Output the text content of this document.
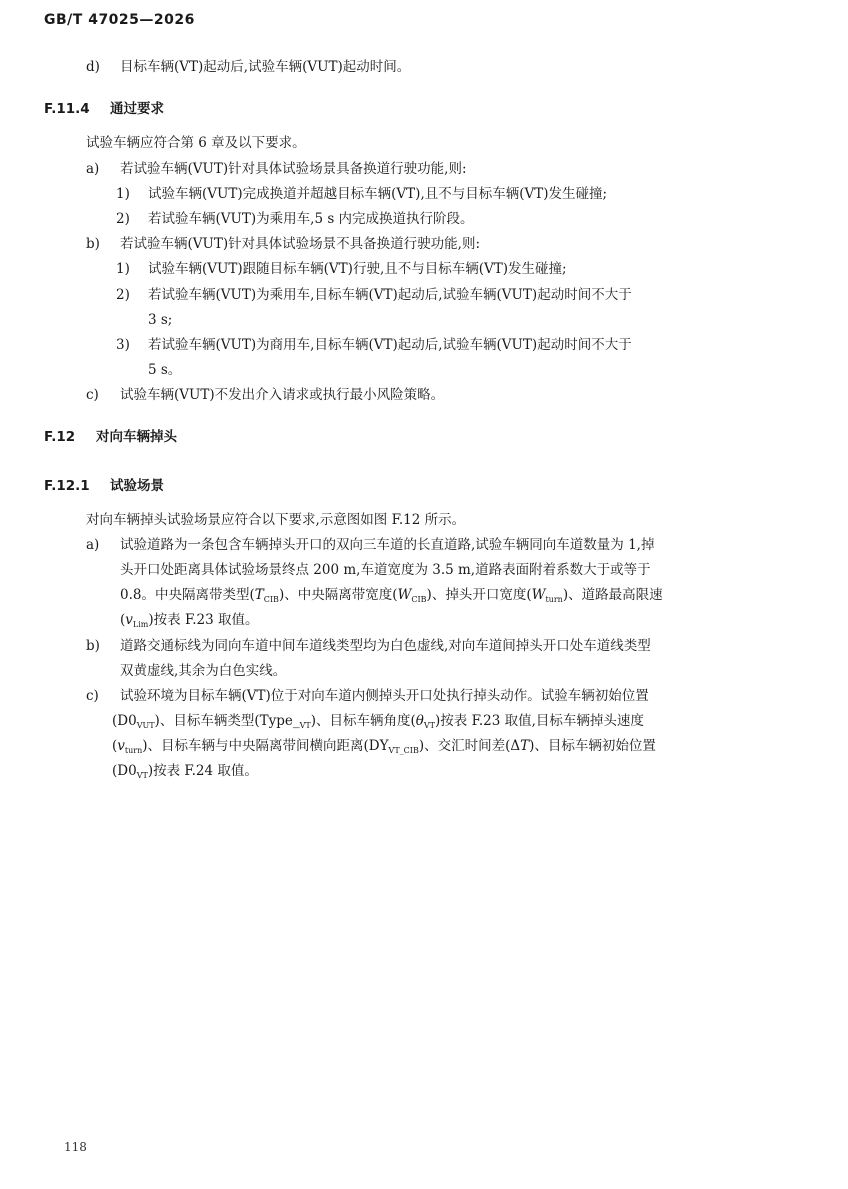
GB/T 47025—2026
d) 目标车辆(VT)起动后,试验车辆(VUT)起动时间。
F.11.4 通过要求
试验车辆应符合第 6 章及以下要求。
a) 若试验车辆(VUT)针对具体试验场景具备换道行驶功能,则:
1) 试验车辆(VUT)完成换道并超越目标车辆(VT),且不与目标车辆(VT)发生碰撞;
2) 若试验车辆(VUT)为乘用车,5 s 内完成换道执行阶段。
b) 若试验车辆(VUT)针对具体试验场景不具备换道行驶功能,则:
1) 试验车辆(VUT)跟随目标车辆(VT)行驶,且不与目标车辆(VT)发生碰撞;
2) 若试验车辆(VUT)为乘用车,目标车辆(VT)起动后,试验车辆(VUT)起动时间不大于
3 s;
3) 若试验车辆(VUT)为商用车,目标车辆(VT)起动后,试验车辆(VUT)起动时间不大于
5 s。
c) 试验车辆(VUT)不发出介入请求或执行最小风险策略。
F.12 对向车辆掉头
F.12.1 试验场景
对向车辆掉头试验场景应符合以下要求,示意图如图 F.12 所示。
a) 试验道路为一条包含车辆掉头开口的双向三车道的长直道路,试验车辆同向车道数量为 1,掉
头开口处距离具体试验场景终点 200 m,车道宽度为 3.5 m,道路表面附着系数大于或等于
0.8。中央隔离带类型$(T_{CIB})$、中央隔离带宽度$(W_{CIB})$、掉头开口宽度$(W_{turn})$、道路最高限速
$(v_{Lim})$按表 F.23 取值。
b) 道路交通标线为同向车道中间车道线类型均为白色虚线,对向车道间掉头开口处车道线类型
双黄虚线,其余为白色实线。
c) 试验环境为目标车辆(VT)位于对向车道内侧掉头开口处执行掉头动作。试验车辆初始位置
$(D0_{VUT})$、目标车辆类型$(Type\__{VT})$、目标车辆角度$(\theta_{VT})$按表 F.23 取值,目标车辆掉头速度
$(v_{turn})$、目标车辆与中央隔离带间横向距离$(DY_{VT\_CIB})$、交汇时间差(ΔT)、目标车辆初始位置
$(D0_{VT})$按表 F.24 取值。
118
